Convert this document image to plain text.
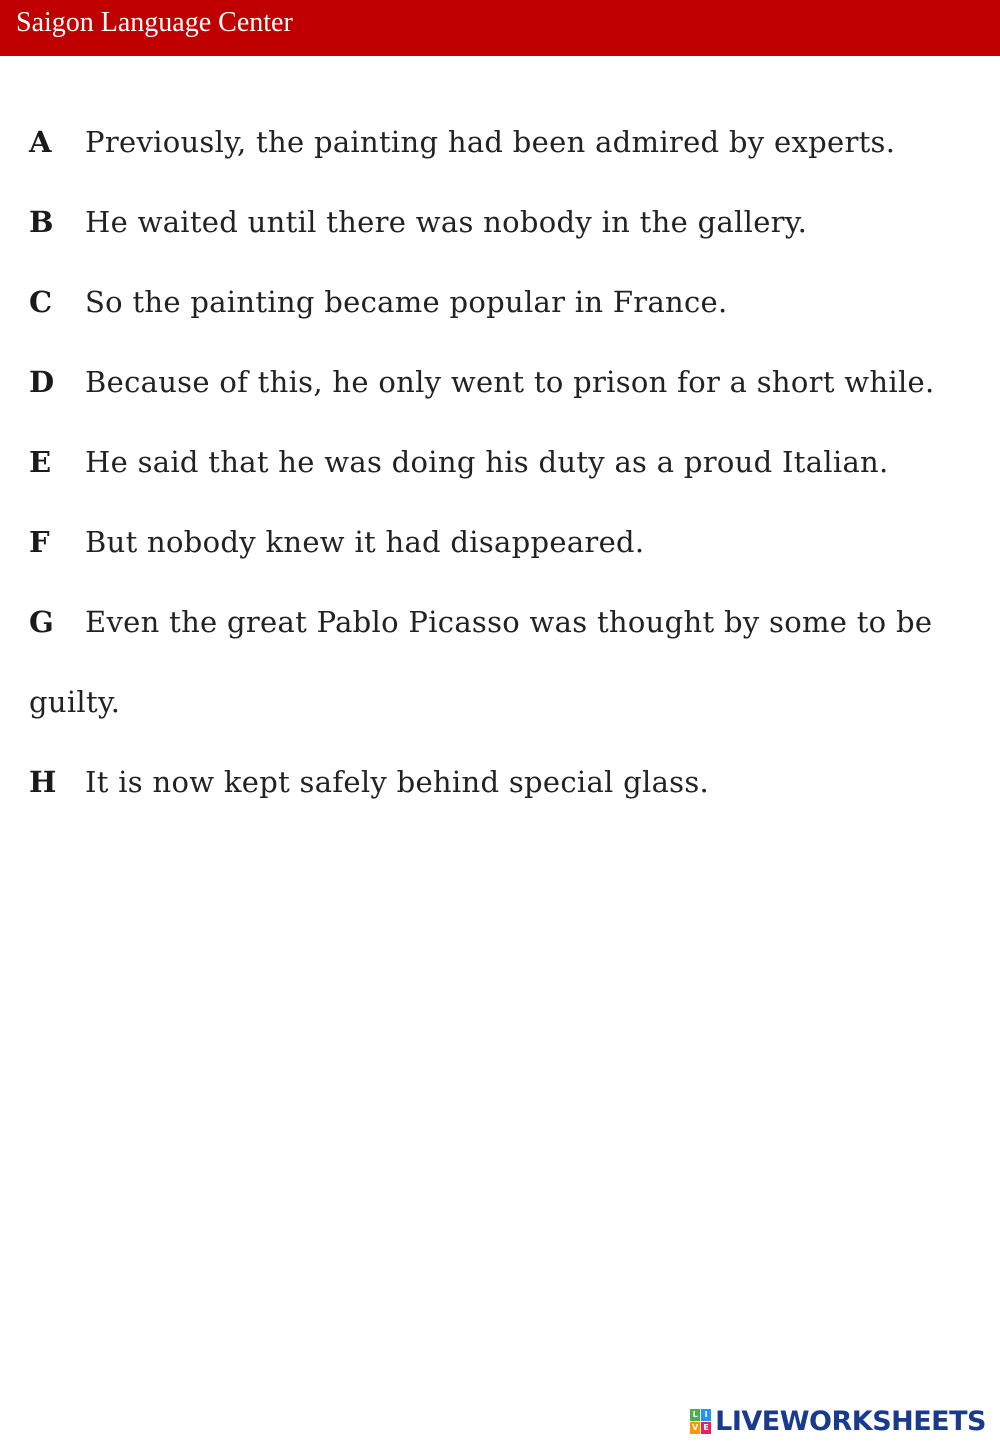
Saigon Language Center
A Previously, the painting had been admired by experts.
B He waited until there was nobody in the gallery.
C So the painting became popular in France.
D Because of this, he only went to prison for a short while.
E He said that he was doing his duty as a proud Italian.
F But nobody knew it had disappeared.
G Even the great Pablo Picasso was thought by some to be guilty.
H It is now kept safely behind special glass.
L I
V E LIVEWORKSHEETS
